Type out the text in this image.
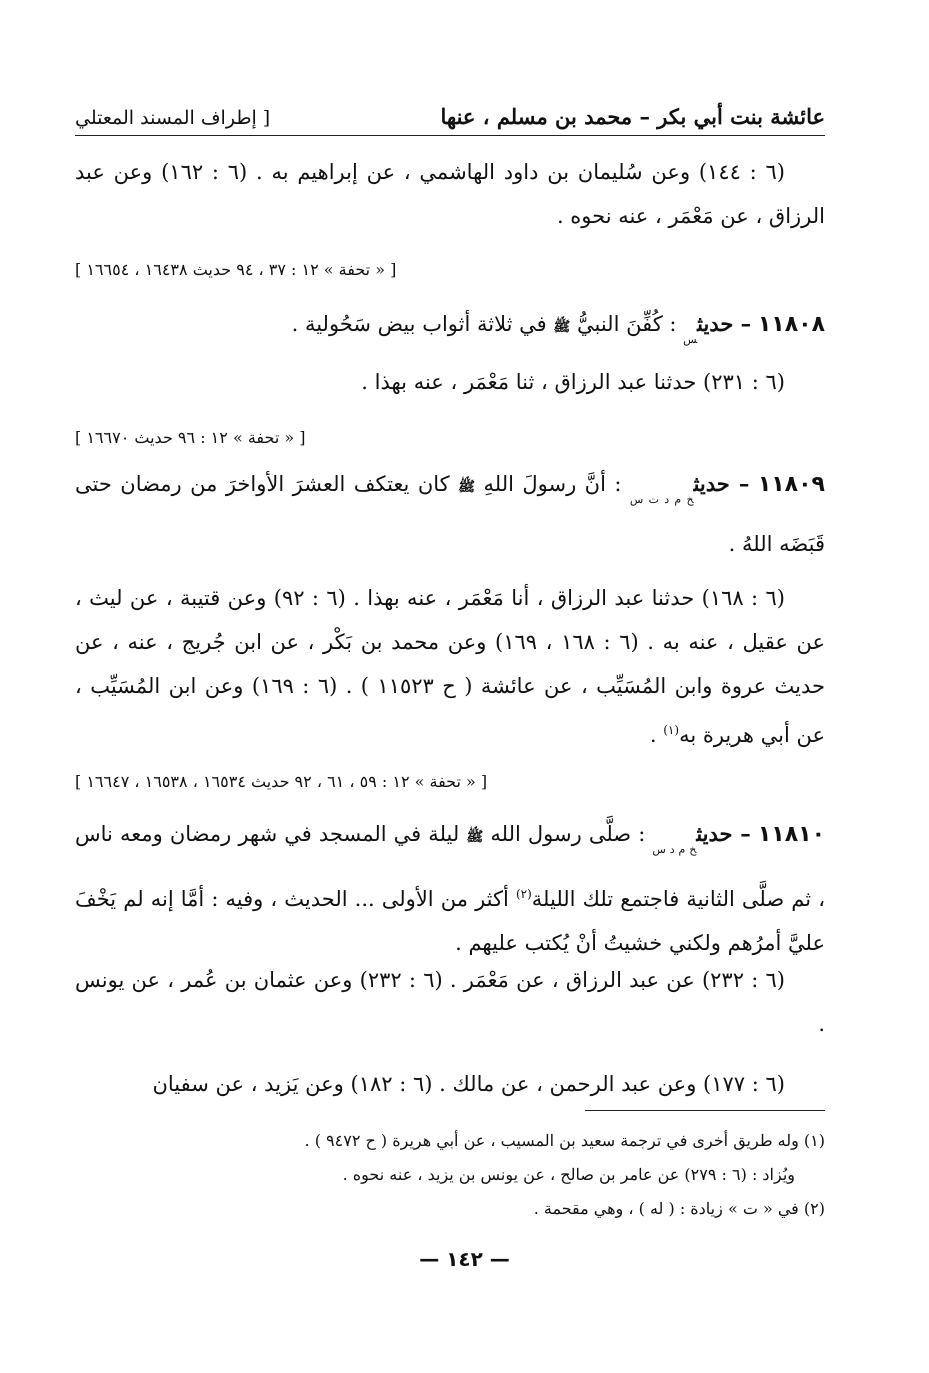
عائشة بنت أبي بكر – محمد بن مسلم ، عنها
[ إطراف المسند المعتلي
(٦ : ١٤٤) وعن سُليمان بن داود الهاشمي ، عن إبراهيم به . (٦ : ١٦٢) وعن عبد الرزاق ، عن مَعْمَر ، عنه نحوه .
[ « تحفة » ١٢ : ٣٧ ، ٩٤ حديث ١٦٤٣٨ ، ١٦٦٥٤ ]
١١٨٠٨ – حديث$_س$ : كُفِّنَ النبيُّ ﷺ في ثلاثة أثواب بيض سَحُولية .
(٦ : ٢٣١) حدثنا عبد الرزاق ، ثنا مَعْمَر ، عنه بهذا .
[ « تحفة » ١٢ : ٩٦ حديث ١٦٦٧٠ ]
١١٨٠٩ – حديث$_{خ م د ت س}$ : أنَّ رسولَ اللهِ ﷺ كان يعتكف العشرَ الأواخرَ من رمضان حتى قَبَضَه اللهُ .
(٦ : ١٦٨) حدثنا عبد الرزاق ، أنا مَعْمَر ، عنه بهذا . (٦ : ٩٢) وعن قتيبة ، عن ليث ، عن عقيل ، عنه به . (٦ : ١٦٨ ، ١٦٩) وعن محمد بن بَكْر ، عن ابن جُريج ، عنه ، عن حديث عروة وابن المُسَيِّب ، عن عائشة ( ح ١١٥٢٣ ) . (٦ : ١٦٩) وعن ابن المُسَيِّب ، عن أبي هريرة به$^{(١)}$ .
[ « تحفة » ١٢ : ٥٩ ، ٦١ ، ٩٢ حديث ١٦٥٣٤ ، ١٦٥٣٨ ، ١٦٦٤٧ ]
١١٨١٠ – حديث$_{خ م د س}$ : صلَّى رسول الله ﷺ ليلة في المسجد في شهر رمضان ومعه ناس ، ثم صلَّى الثانية فاجتمع تلك الليلة$^{(٢)}$ أكثر من الأولى ... الحديث ، وفيه : أمَّا إنه لم يَخْفَ عليَّ أمرُهم ولكني خشيتُ أنْ يُكتب عليهم .
(٦ : ٢٣٢) عن عبد الرزاق ، عن مَعْمَر . (٦ : ٢٣٢) وعن عثمان بن عُمر ، عن يونس .
(٦ : ١٧٧) وعن عبد الرحمن ، عن مالك . (٦ : ١٨٢) وعن يَزيد ، عن سفيان
(١) وله طريق أخرى في ترجمة سعيد بن المسيب ، عن أبي هريرة ( ح ٩٤٧٢ ) .
ويُزاد : (٦ : ٢٧٩) عن عامر بن صالح ، عن يونس بن يزيد ، عنه نحوه .
(٢) في « ت » زيادة : ( له ) ، وهي مقحمة .
— ١٤٢ —
